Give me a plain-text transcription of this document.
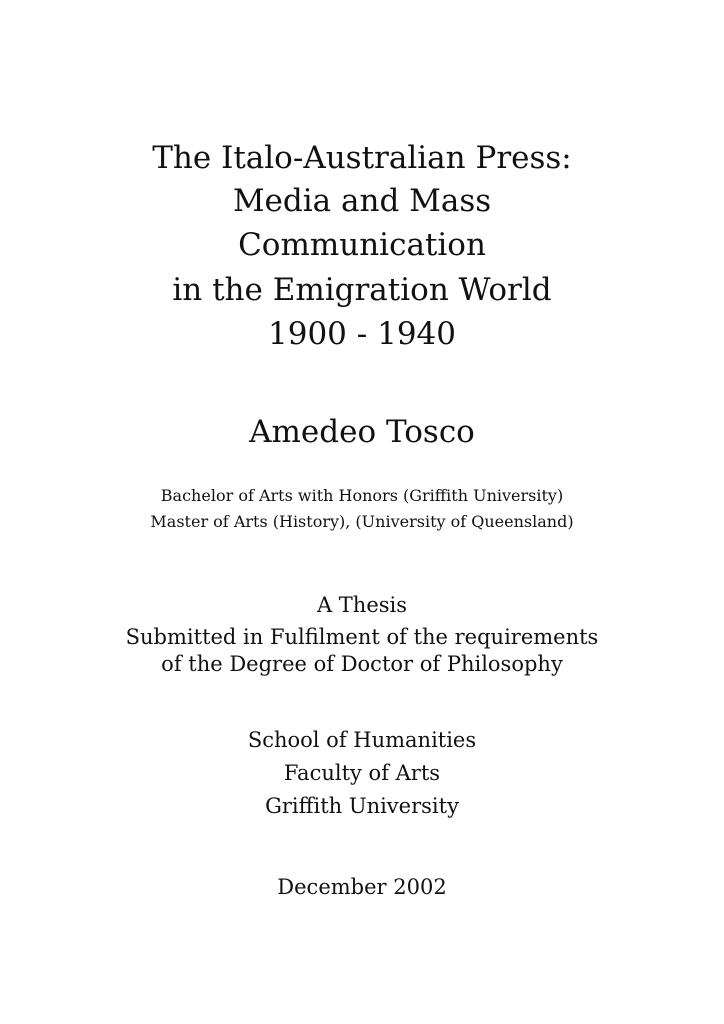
The Italo-Australian Press:
Media and Mass
Communication
in the Emigration World
1900 - 1940
Amedeo Tosco
Bachelor of Arts with Honors (Griffith University)
Master of Arts (History), (University of Queensland)
A Thesis
Submitted in Fulfilment of the requirements
of the Degree of Doctor of Philosophy
School of Humanities
Faculty of Arts
Griffith University
December 2002
